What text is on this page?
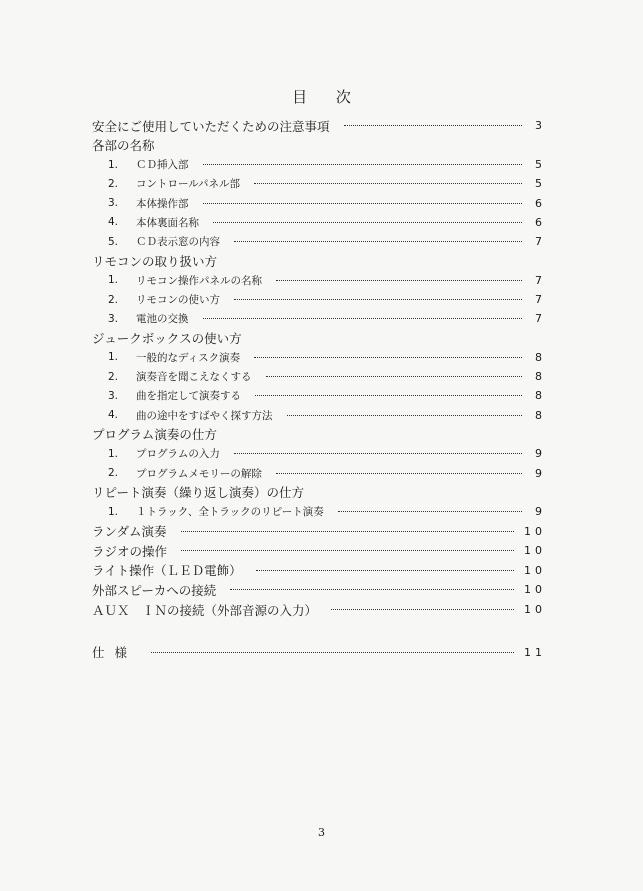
目 次
安全にご使用していただくための注意事項	3
各部の名称
1.	ＣＤ挿入部	5
2.	コントロールパネル部	5
3.	本体操作部	6
4.	本体裏面名称	6
5.	ＣＤ表示窓の内容	7
リモコンの取り扱い方
1.	リモコン操作パネルの名称	7
2.	リモコンの使い方	7
3.	電池の交換	7
ジュークボックスの使い方
1.	一般的なディスク演奏	8
2.	演奏音を聞こえなくする	8
3.	曲を指定して演奏する	8
4.	曲の途中をすばやく探す方法	8
プログラム演奏の仕方
1.	プログラムの入力	9
2.	プログラムメモリーの解除	9
リピート演奏（繰り返し演奏）の仕方
1.	１トラック、全トラックのリピート演奏	9
ランダム演奏	10
ラジオの操作	10
ライト操作（ＬＥＤ電飾）	10
外部スピーカへの接続	10
ＡＵＸ　ＩＮの接続（外部音源の入力）	10
仕様	11
3
